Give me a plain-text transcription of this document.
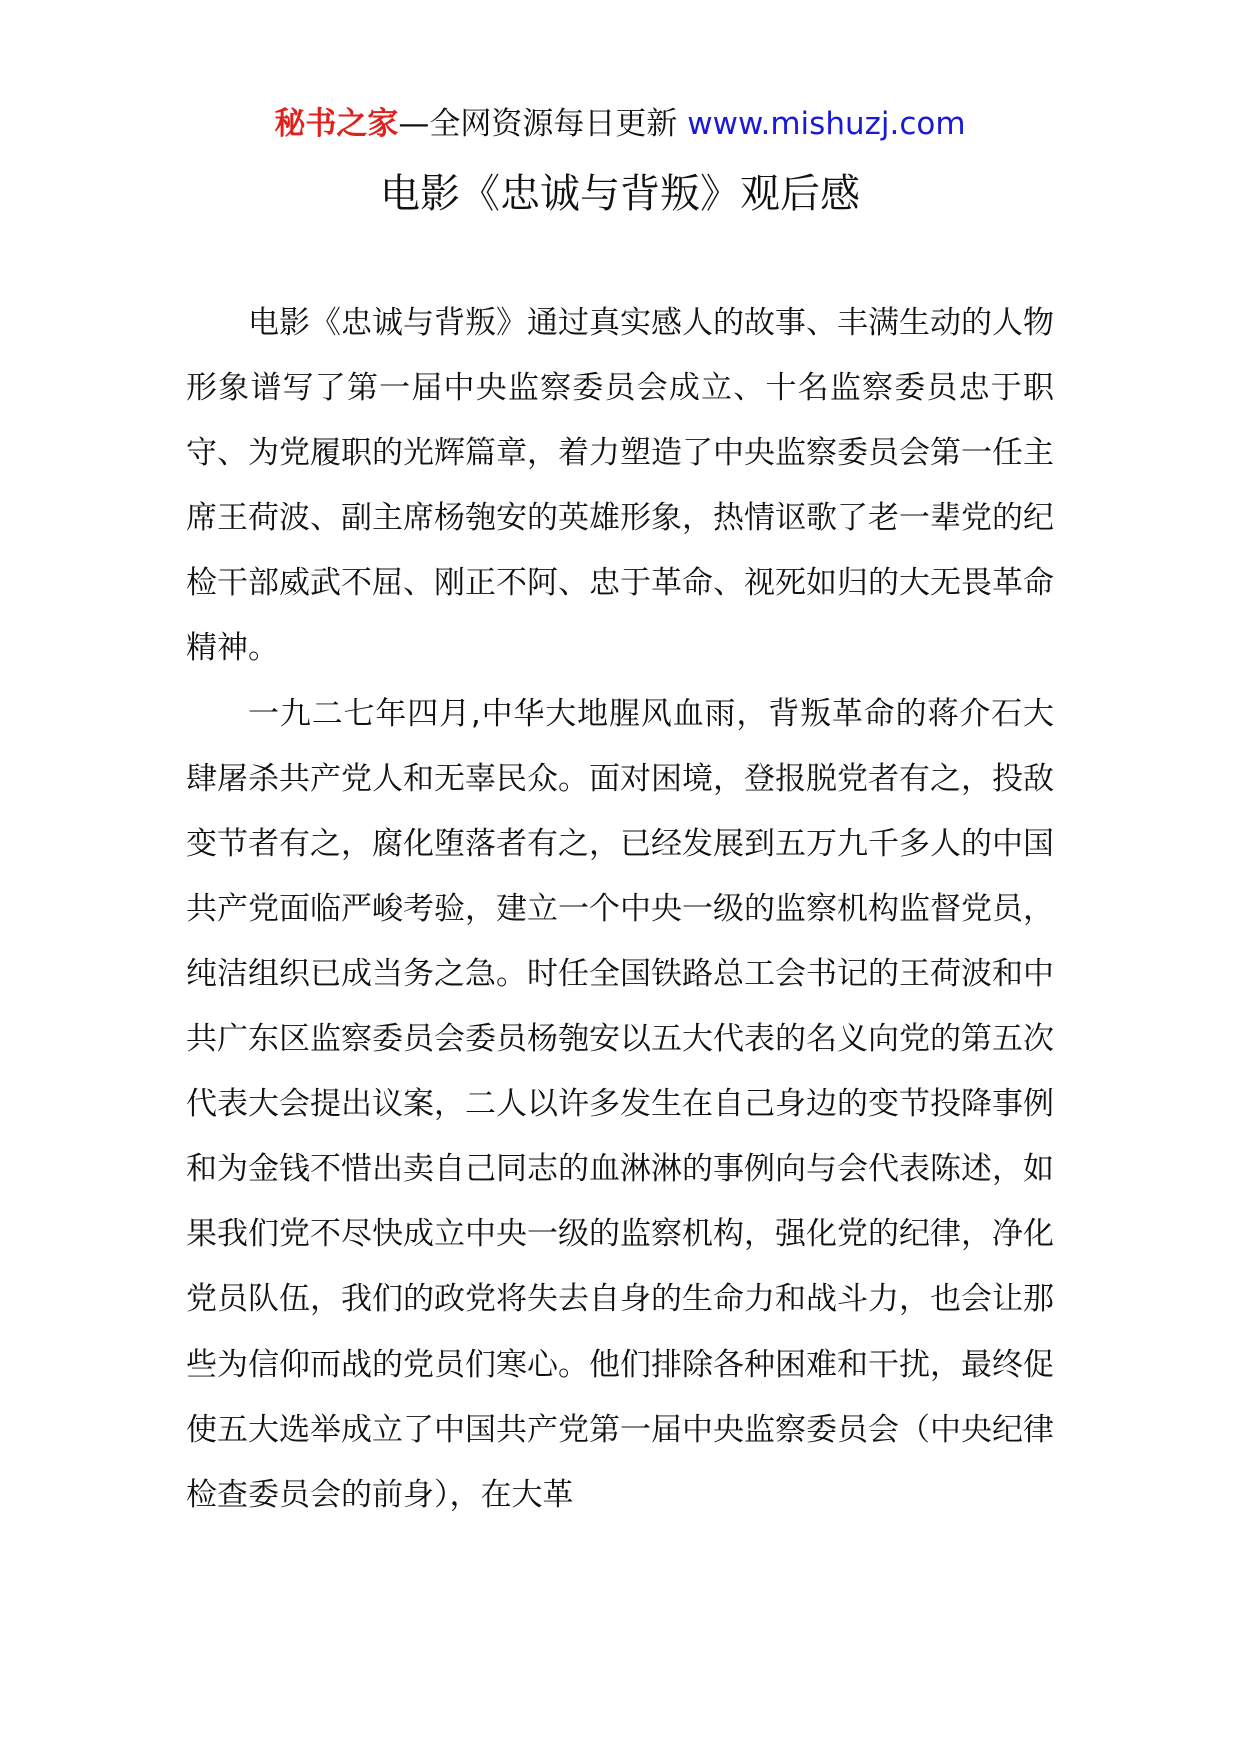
秘书之家—全网资源每日更新 www.mishuzj.com
电影《忠诚与背叛》观后感

电影《忠诚与背叛》通过真实感人的故事、丰满生动的人物形象谱写了第一届中央监察委员会成立、十名监察委员忠于职守、为党履职的光辉篇章，着力塑造了中央监察委员会第一任主席王荷波、副主席杨匏安的英雄形象，热情讴歌了老一辈党的纪检干部威武不屈、刚正不阿、忠于革命、视死如归的大无畏革命精神。

一九二七年四月,中华大地腥风血雨，背叛革命的蒋介石大肆屠杀共产党人和无辜民众。面对困境，登报脱党者有之，投敌变节者有之，腐化堕落者有之，已经发展到五万九千多人的中国共产党面临严峻考验，建立一个中央一级的监察机构监督党员，纯洁组织已成当务之急。时任全国铁路总工会书记的王荷波和中共广东区监察委员会委员杨匏安以五大代表的名义向党的第五次代表大会提出议案，二人以许多发生在自己身边的变节投降事例和为金钱不惜出卖自己同志的血淋淋的事例向与会代表陈述，如果我们党不尽快成立中央一级的监察机构，强化党的纪律，净化党员队伍，我们的政党将失去自身的生命力和战斗力，也会让那些为信仰而战的党员们寒心。他们排除各种困难和干扰，最终促使五大选举成立了中国共产党第一届中央监察委员会（中央纪律检查委员会的前身），在大革
